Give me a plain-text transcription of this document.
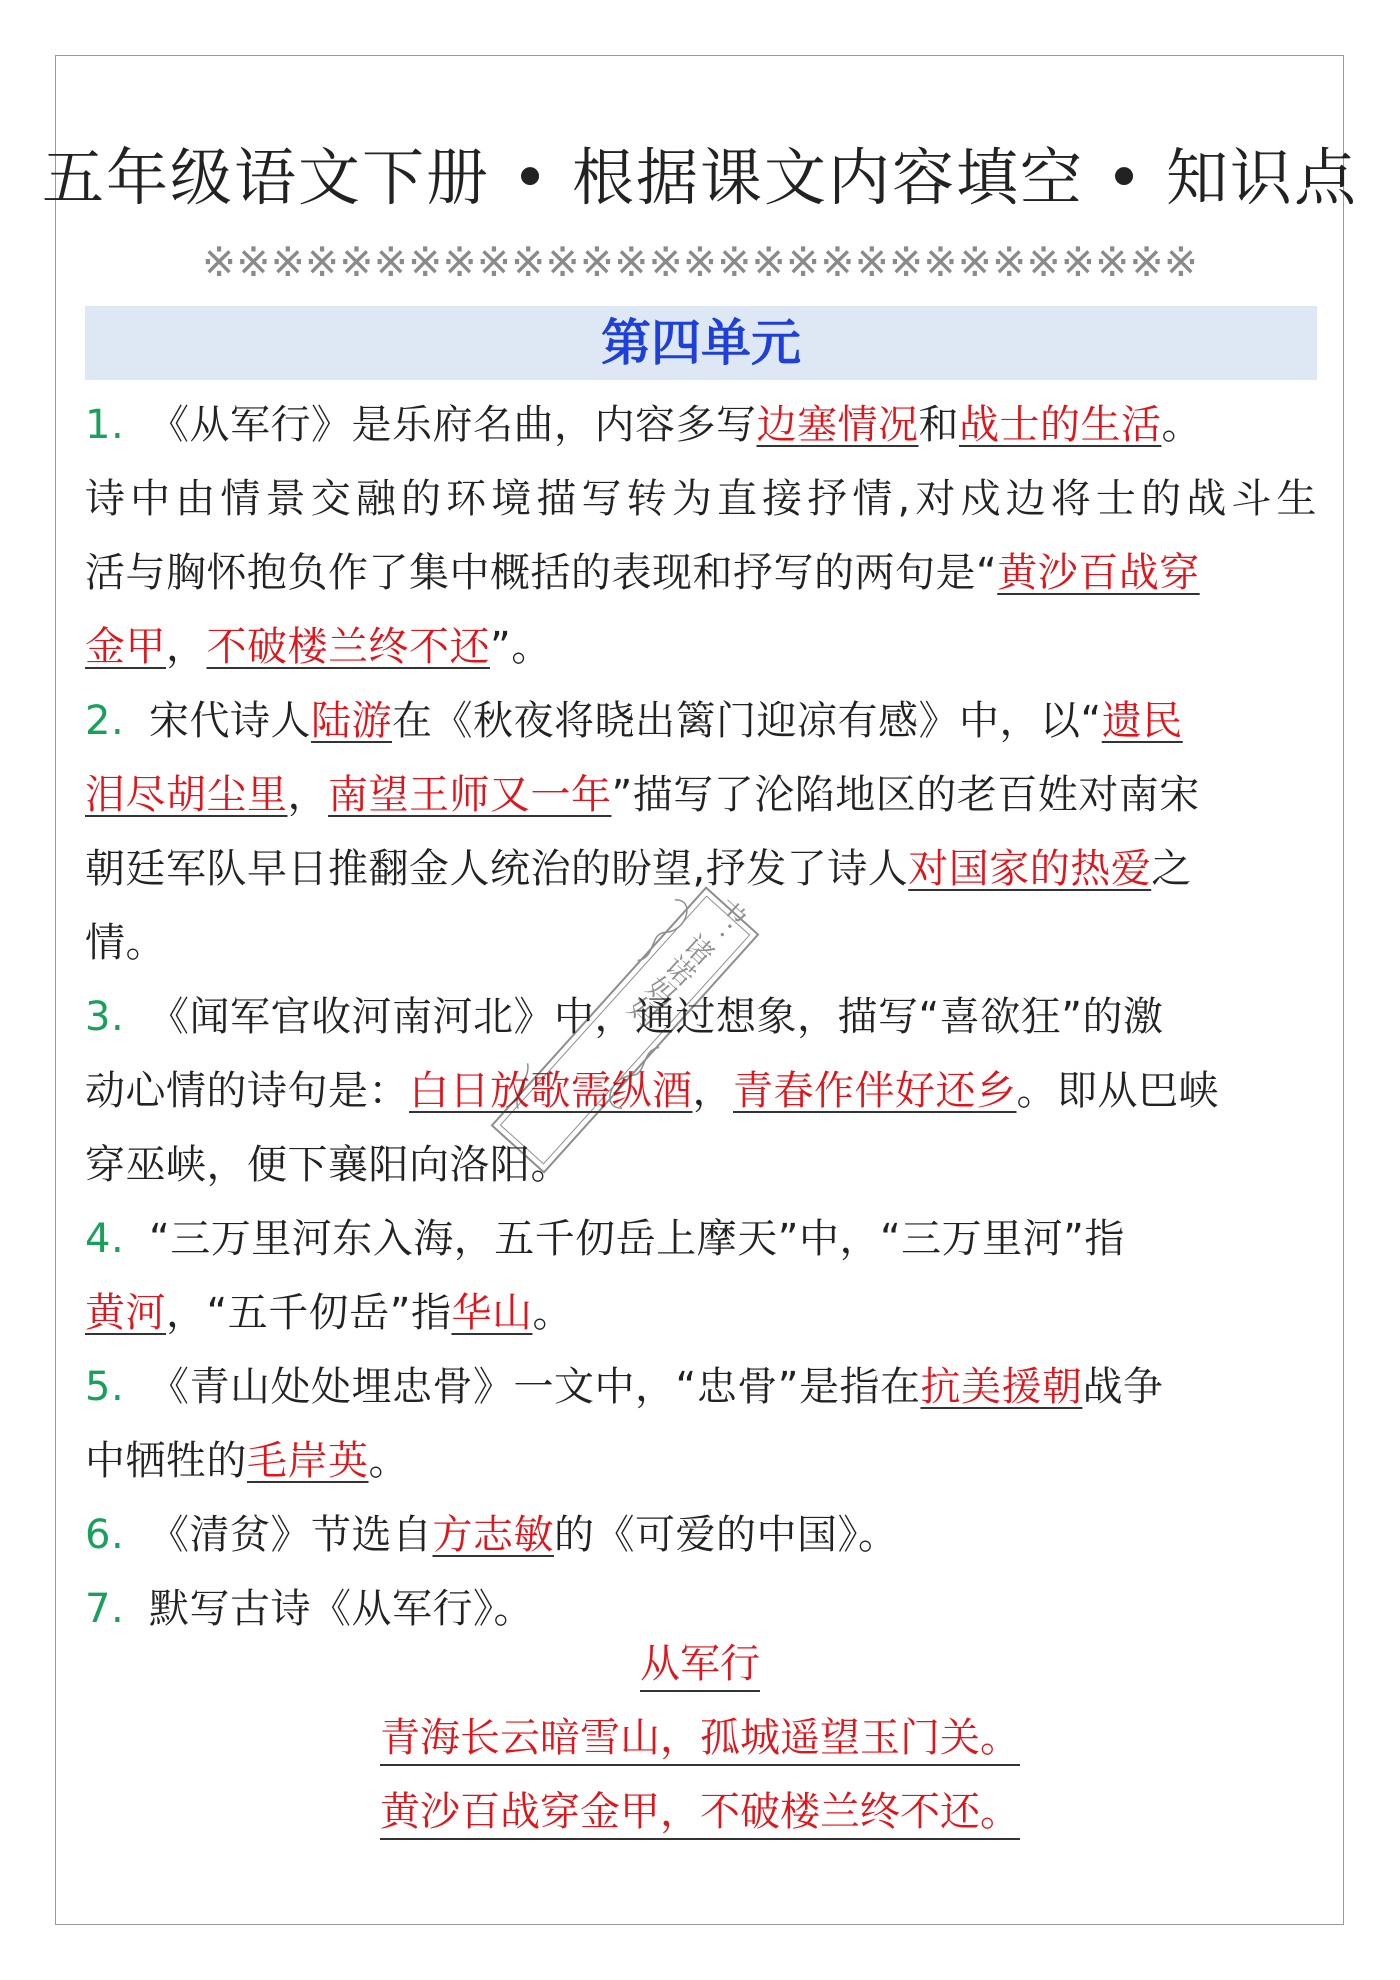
五年级语文下册 • 根据课文内容填空 • 知识点
※※※※※※※※※※※※※※※※※※※※※※※※※※※※※
第四单元
1. 《从军行》是乐府名曲，内容多写边塞情况和战士的生活。
诗中由情景交融的环境描写转为直接抒情,对戍边将士的战斗生
活与胸怀抱负作了集中概括的表现和抒写的两句是“黄沙百战穿
金甲，不破楼兰终不还”。
2. 宋代诗人陆游在《秋夜将晓出篱门迎凉有感》中，以“遗民
泪尽胡尘里，南望王师又一年”描写了沦陷地区的老百姓对南宋
朝廷军队早日推翻金人统治的盼望,抒发了诗人对国家的热爱之
情。
3. 《闻军官收河南河北》中，通过想象，描写“喜欲狂”的激
动心情的诗句是：白日放歌需纵酒，青春作伴好还乡。即从巴峡
穿巫峡，便下襄阳向洛阳。
4. “三万里河东入海，五千仞岳上摩天”中，“三万里河”指
黄河，“五千仞岳”指华山。
5. 《青山处处埋忠骨》一文中，“忠骨”是指在抗美援朝战争
中牺牲的毛岸英。
6. 《清贫》节选自方志敏的《可爱的中国》。
7. 默写古诗《从军行》。
从军行
青海长云暗雪山，孤城遥望玉门关。
黄沙百战穿金甲，不破楼兰终不还。
百书：诸诺妈妈
